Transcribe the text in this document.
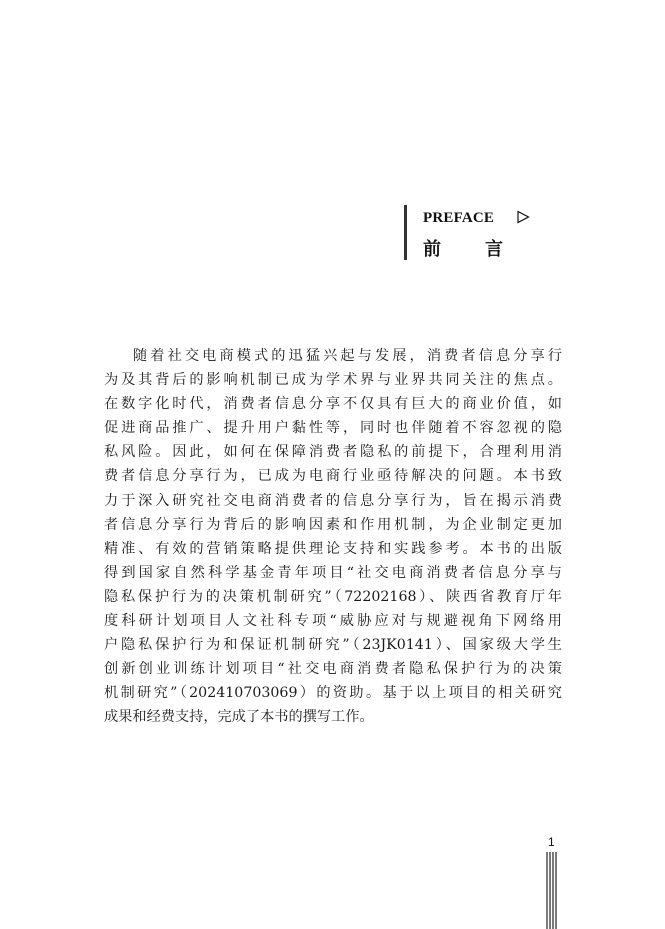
PREFACE
前 言
随着社交电商模式的迅猛兴起与发展，消费者信息分享行
为及其背后的影响机制已成为学术界与业界共同关注的焦点。
在数字化时代，消费者信息分享不仅具有巨大的商业价值，如
促进商品推广、提升用户黏性等，同时也伴随着不容忽视的隐
私风险。因此，如何在保障消费者隐私的前提下，合理利用消
费者信息分享行为，已成为电商行业亟待解决的问题。本书致
力于深入研究社交电商消费者的信息分享行为，旨在揭示消费
者信息分享行为背后的影响因素和作用机制，为企业制定更加
精准、有效的营销策略提供理论支持和实践参考。本书的出版
得到国家自然科学基金青年项目“社交电商消费者信息分享与
隐私保护行为的决策机制研究”（72202168）、陕西省教育厅年
度科研计划项目人文社科专项“威胁应对与规避视角下网络用
户隐私保护行为和保证机制研究”（23JK0141）、国家级大学生
创新创业训练计划项目“社交电商消费者隐私保护行为的决策
机制研究”（202410703069）的资助。基于以上项目的相关研究
成果和经费支持，完成了本书的撰写工作。
1
